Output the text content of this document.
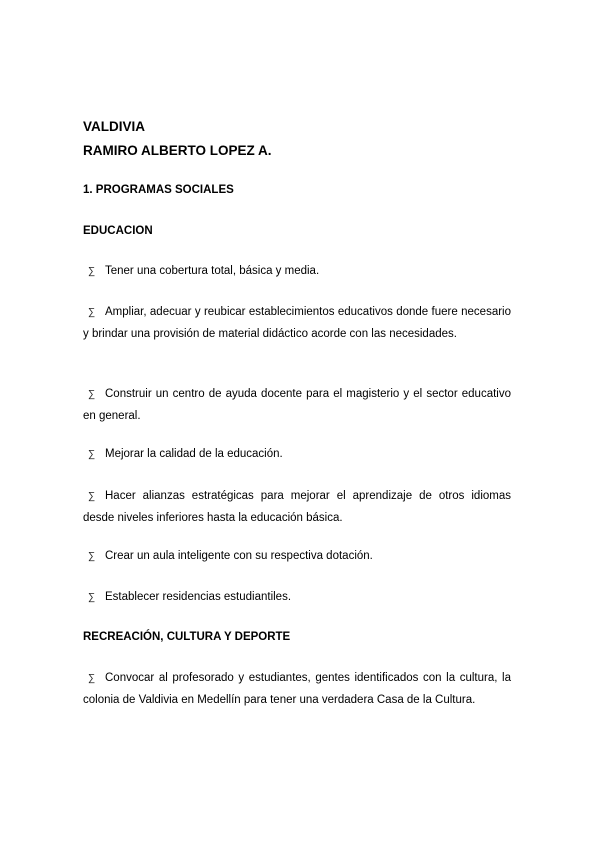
VALDIVIA
RAMIRO ALBERTO LOPEZ A.
1. PROGRAMAS SOCIALES
EDUCACION
∑ Tener una cobertura total, básica y media.
∑ Ampliar, adecuar y reubicar establecimientos educativos donde fuere necesario y brindar una provisión de material didáctico acorde con las necesidades.
∑ Construir un centro de ayuda docente para el magisterio y el sector educativo en general.
∑ Mejorar la calidad de la educación.
∑ Hacer alianzas estratégicas para mejorar el aprendizaje de otros idiomas desde niveles inferiores hasta la educación básica.
∑ Crear un aula inteligente con su respectiva dotación.
∑ Establecer residencias estudiantiles.
RECREACIÓN, CULTURA Y DEPORTE
∑ Convocar al profesorado y estudiantes, gentes identificados con la cultura, la colonia de Valdivia en Medellín para tener una verdadera Casa de la Cultura.
